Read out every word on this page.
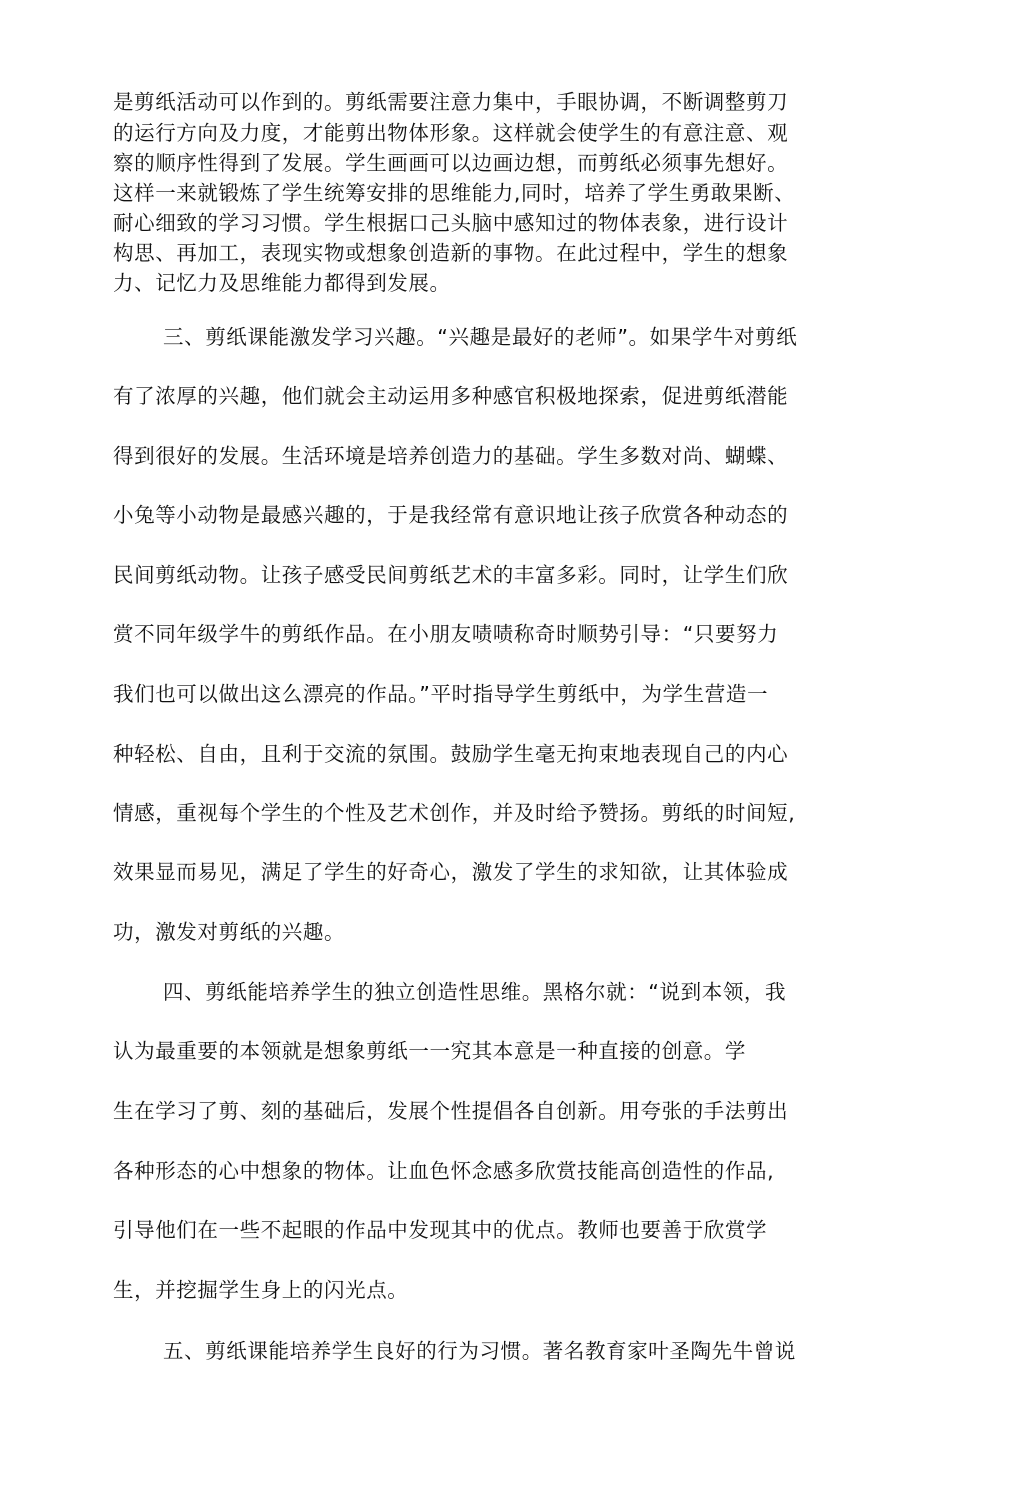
是剪纸活动可以作到的。剪纸需要注意力集中，手眼协调，不断调整剪刀

的运行方向及力度，才能剪出物体形象。这样就会使学生的有意注意、观

察的顺序性得到了发展。学生画画可以边画边想，而剪纸必须事先想好。

这样一来就锻炼了学生统筹安排的思维能力,同时，培养了学生勇敢果断、

耐心细致的学习习惯。学生根据口己头脑中感知过的物体表象，进行设计

构思、再加工，表现实物或想象创造新的事物。在此过程中，学生的想象

力、记忆力及思维能力都得到发展。

三、剪纸课能激发学习兴趣。“兴趣是最好的老师”。如果学牛对剪纸

有了浓厚的兴趣，他们就会主动运用多种感官积极地探索，促进剪纸潜能

得到很好的发展。生活环境是培养创造力的基础。学生多数对尚、蝴蝶、

小兔等小动物是最感兴趣的，于是我经常有意识地让孩子欣赏各种动态的

民间剪纸动物。让孩子感受民间剪纸艺术的丰富多彩。同时，让学生们欣

赏不同年级学牛的剪纸作品。在小朋友啧啧称奇时顺势引导：“只要努力

我们也可以做出这么漂亮的作品。”平时指导学生剪纸中，为学生营造一

种轻松、自由，且利于交流的氛围。鼓励学生毫无拘束地表现自己的内心

情感，重视每个学生的个性及艺术创作，并及时给予赞扬。剪纸的时间短,

效果显而易见，满足了学生的好奇心，激发了学生的求知欲，让其体验成

功，激发对剪纸的兴趣。

四、剪纸能培养学生的独立创造性思维。黑格尔就：“说到本领，我

认为最重要的本领就是想象剪纸一一究其本意是一种直接的创意。学

生在学习了剪、刻的基础后，发展个性提倡各自创新。用夸张的手法剪出

各种形态的心中想象的物体。让血色怀念感多欣赏技能高创造性的作品,

引导他们在一些不起眼的作品中发现其中的优点。教师也要善于欣赏学

生，并挖掘学生身上的闪光点。

五、剪纸课能培养学生良好的行为习惯。著名教育家叶圣陶先牛曾说
